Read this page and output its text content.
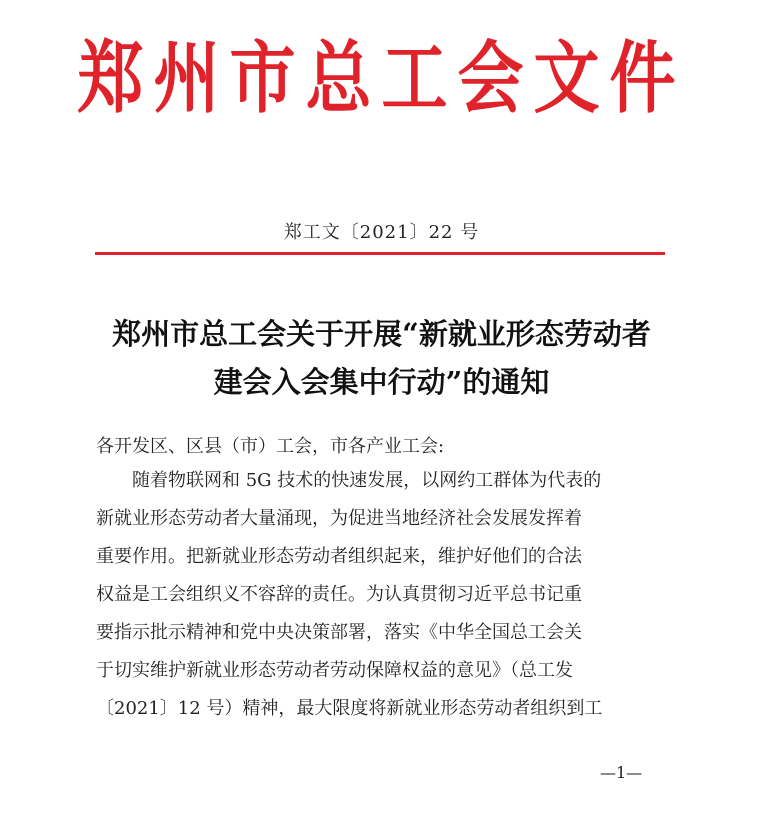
郑州市总工会文件
郑工文〔2021〕22 号
郑州市总工会关于开展“新就业形态劳动者
建会入会集中行动”的通知
各开发区、区县（市）工会，市各产业工会:
随着物联网和 5G 技术的快速发展，以网约工群体为代表的
新就业形态劳动者大量涌现，为促进当地经济社会发展发挥着
重要作用。把新就业形态劳动者组织起来，维护好他们的合法
权益是工会组织义不容辞的责任。为认真贯彻习近平总书记重
要指示批示精神和党中央决策部署，落实《中华全国总工会关
于切实维护新就业形态劳动者劳动保障权益的意见》（总工发
〔2021〕12 号）精神，最大限度将新就业形态劳动者组织到工
—1—
